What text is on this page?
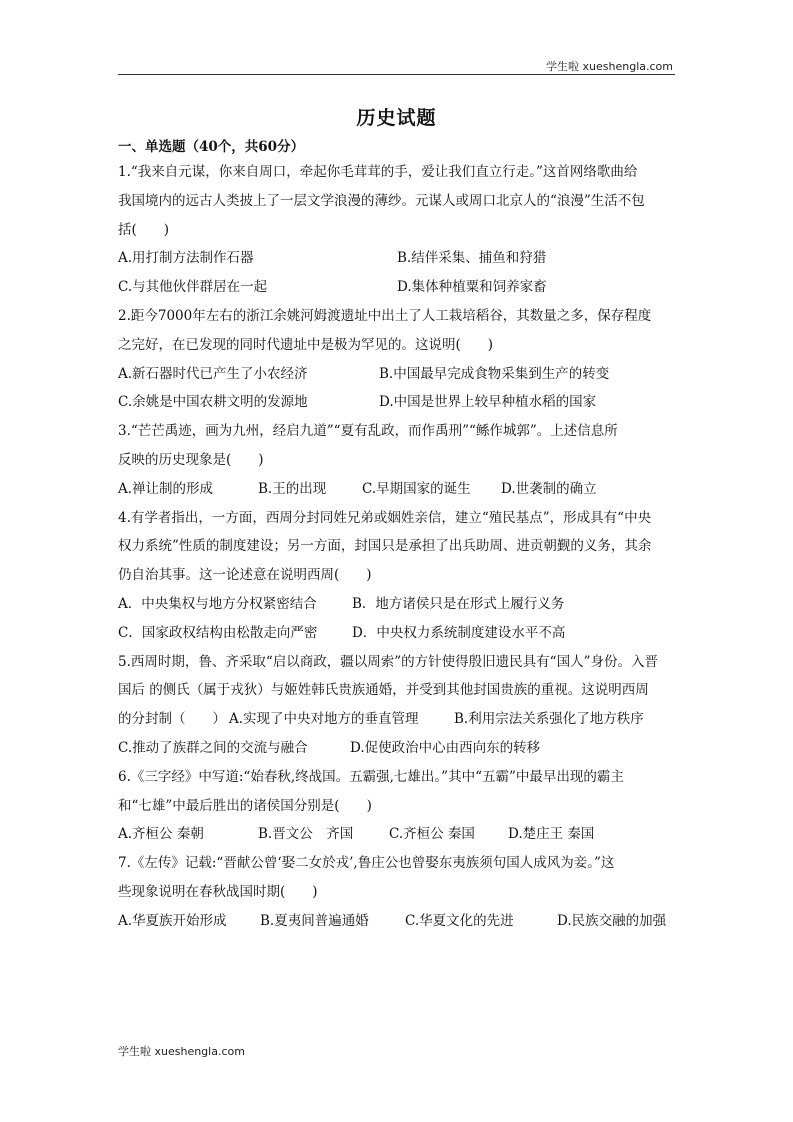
学生啦 xueshengla.com
历史试题
一、单选题（40个，共60分）
1.“我来自元谋，你来自周口，牵起你毛茸茸的手，爱让我们直立行走。”这首网络歌曲给
我国境内的远古人类披上了一层文学浪漫的薄纱。元谋人或周口北京人的“浪漫”生活不包
括(　　)
A.用打制方法制作石器	B.结伴采集、捕鱼和狩猎
C.与其他伙伴群居在一起	D.集体种植粟和饲养家畜
2.距今7000年左右的浙江余姚河姆渡遗址中出土了人工栽培稻谷，其数量之多，保存程度
之完好，在已发现的同时代遗址中是极为罕见的。这说明(　　)
A.新石器时代已产生了小农经济	B.中国最早完成食物采集到生产的转变
C.余姚是中国农耕文明的发源地	D.中国是世界上较早种植水稻的国家
3.“芒芒禹迹，画为九州，经启九道”“夏有乱政，而作禹刑”“鲧作城郭”。上述信息所
反映的历史现象是(　　)
A.禅让制的形成	B.王的出现	C.早期国家的诞生 D.世袭制的确立
4.有学者指出，一方面，西周分封同姓兄弟或姻姓亲信，建立“殖民基点”，形成具有“中央
权力系统”性质的制度建设；另一方面，封国只是承担了出兵助周、进贡朝觐的义务，其余
仍自治其事。这一论述意在说明西周(　　)
A．中央集权与地方分权紧密结合	B．地方诸侯只是在形式上履行义务
C．国家政权结构由松散走向严密	D．中央权力系统制度建设水平不高
5.西周时期，鲁、齐采取“启以商政，疆以周索”的方针使得殷旧遗民具有“国人”身份。入晋
国后 的侧氏（属于戎狄）与姬姓韩氏贵族通婚，并受到其他封国贵族的重视。这说明西周
的分封制（　　） A.实现了中央对地方的垂直管理	B.利用宗法关系强化了地方秩序
C.推动了族群之间的交流与融合	D.促使政治中心由西向东的转移
6.《三字经》中写道:“始春秋,终战国。五霸强,七雄出。”其中“五霸”中最早出现的霸主
和“七雄”中最后胜出的诸侯国分别是(　　)
A.齐桓公 秦朝	B.晋文公　齐国	C.齐桓公 秦国 D.楚庄王 秦国
7.《左传》记载:“晋献公曾‘娶二女於戎’,鲁庄公也曾娶东夷族须句国人成风为妾。”这
些现象说明在春秋战国时期(　　)
A.华夏族开始形成 B.夏夷间普遍通婚	C.华夏文化的先进	D.民族交融的加强
学生啦 xueshengla.com
